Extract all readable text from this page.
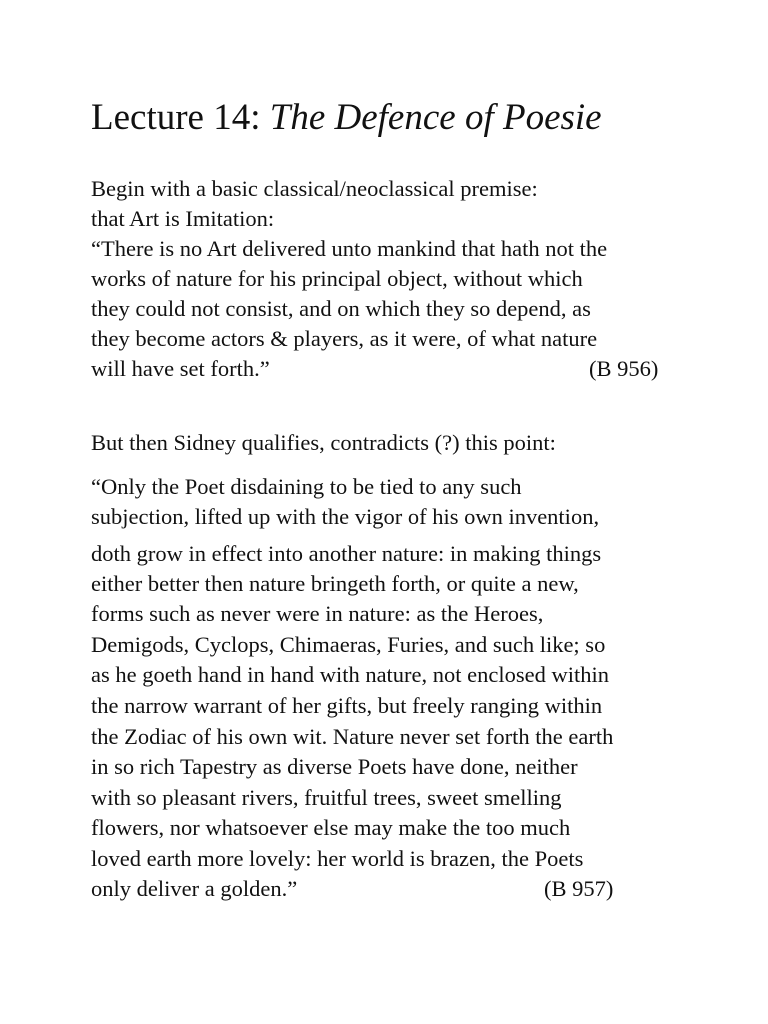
Lecture 14: The Defence of Poesie
Begin with a basic classical/neoclassical premise:
that Art is Imitation:
“There is no Art delivered unto mankind that hath not the
works of nature for his principal object, without which
they could not consist, and on which they so depend, as
they become actors & players, as it were, of what nature
will have set forth.”	(B 956)
But then Sidney qualifies, contradicts (?) this point:
“Only the Poet disdaining to be tied to any such
subjection, lifted up with the vigor of his own invention,
doth grow in effect into another nature: in making things
either better then nature bringeth forth, or quite a new,
forms such as never were in nature: as the Heroes,
Demigods, Cyclops, Chimaeras, Furies, and such like; so
as he goeth hand in hand with nature, not enclosed within
the narrow warrant of her gifts, but freely ranging within
the Zodiac of his own wit. Nature never set forth the earth
in so rich Tapestry as diverse Poets have done, neither
with so pleasant rivers, fruitful trees, sweet smelling
flowers, nor whatsoever else may make the too much
loved earth more lovely: her world is brazen, the Poets
only deliver a golden.”	(B 957)
